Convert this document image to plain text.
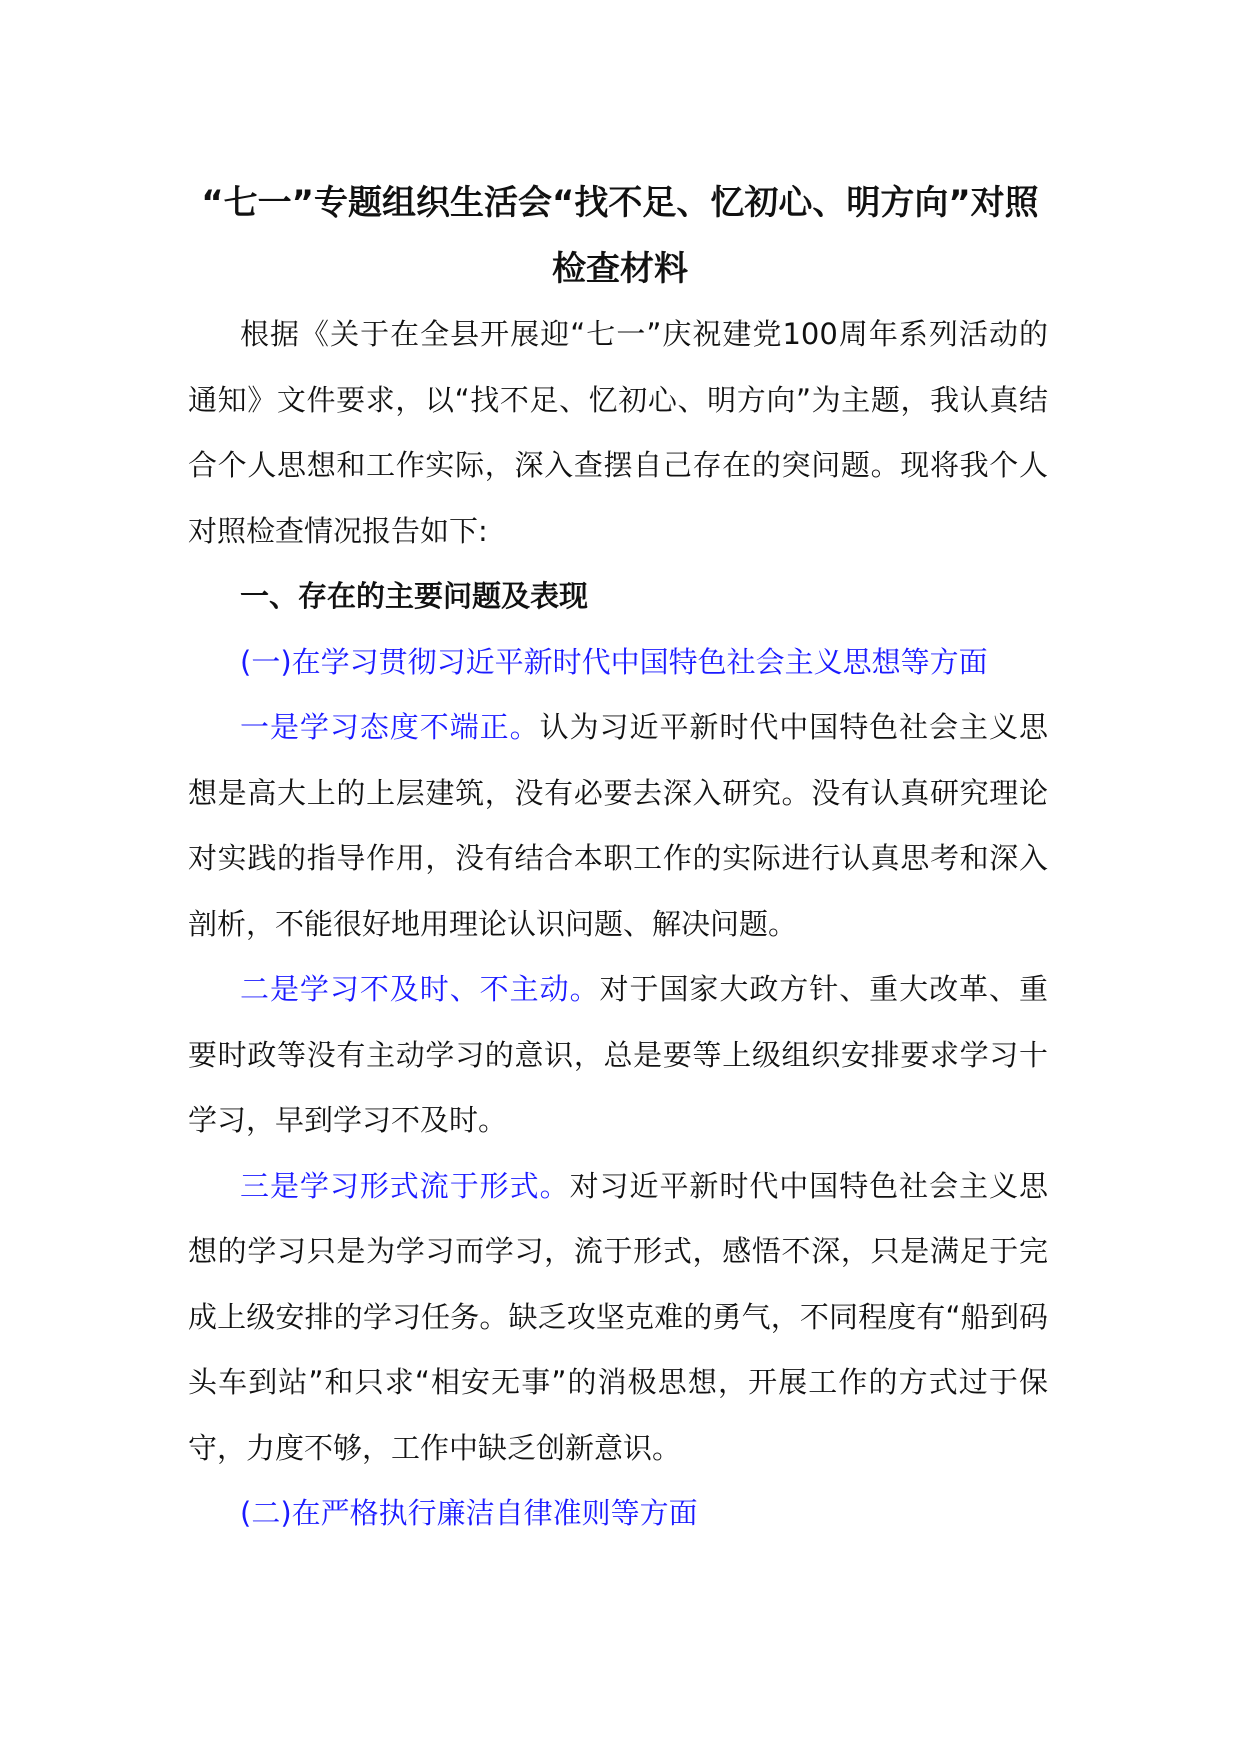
“七一”专题组织生活会“找不足、忆初心、明方向”对照
检查材料

根据《关于在全县开展迎“七一”庆祝建党100周年系列活动的通知》文件要求，以“找不足、忆初心、明方向”为主题，我认真结合个人思想和工作实际，深入查摆自己存在的突问题。现将我个人对照检查情况报告如下:

一、存在的主要问题及表现

(一)在学习贯彻习近平新时代中国特色社会主义思想等方面

一是学习态度不端正。认为习近平新时代中国特色社会主义思想是高大上的上层建筑，没有必要去深入研究。没有认真研究理论对实践的指导作用，没有结合本职工作的实际进行认真思考和深入剖析，不能很好地用理论认识问题、解决问题。

二是学习不及时、不主动。对于国家大政方针、重大改革、重要时政等没有主动学习的意识，总是要等上级组织安排要求学习十学习，早到学习不及时。

三是学习形式流于形式。对习近平新时代中国特色社会主义思想的学习只是为学习而学习，流于形式，感悟不深，只是满足于完成上级安排的学习任务。缺乏攻坚克难的勇气，不同程度有“船到码头车到站”和只求“相安无事”的消极思想，开展工作的方式过于保守，力度不够，工作中缺乏创新意识。

(二)在严格执行廉洁自律准则等方面
